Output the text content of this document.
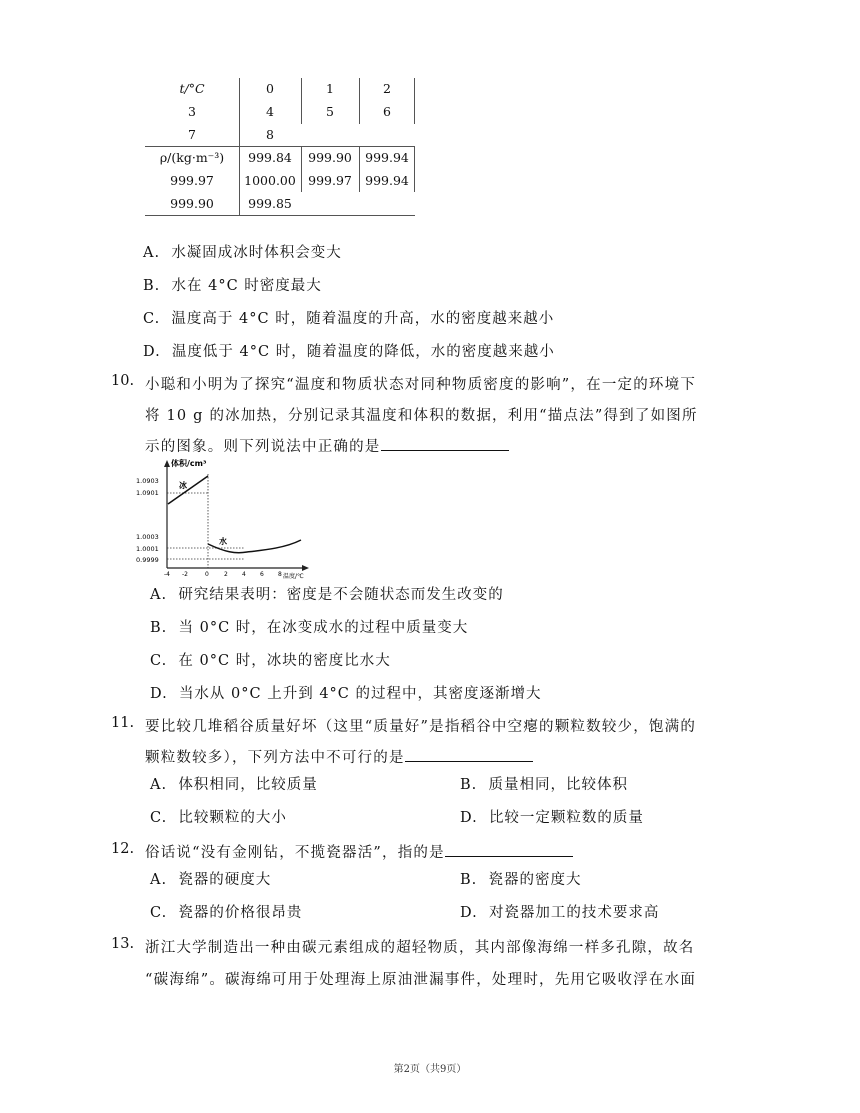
t/°C	0	1	2
3	4	5	6
7	8
ρ/(kg·m⁻³)	999.84	999.90	999.94
999.97	1000.00 999.97	999.94
999.90	999.85
A. 水凝固成冰时体积会变大
B. 水在 4°C 时密度最大
C. 温度高于 4°C 时，随着温度的升高，水的密度越来越小
D. 温度低于 4°C 时，随着温度的降低，水的密度越来越小
10. 小聪和小明为了探究“温度和物质状态对同种物质密度的影响”，在一定的环境下
将 10 g 的冰加热，分别记录其温度和体积的数据，利用“描点法”得到了如图所
示的图象。则下列说法中正确的是
体积/cm³
温度/℃
1.0903
1.0901
1.0003
1.0001
0.9999
-4 -2	0	2 4 6 8
冰
水
A. 研究结果表明：密度是不会随状态而发生改变的
B. 当 0°C 时，在冰变成水的过程中质量变大
C. 在 0°C 时，冰块的密度比水大
D. 当水从 0°C 上升到 4°C 的过程中，其密度逐渐增大
11. 要比较几堆稻谷质量好坏（这里“质量好”是指稻谷中空瘪的颗粒数较少，饱满的
颗粒数较多），下列方法中不可行的是
A. 体积相同，比较质量	B. 质量相同，比较体积
C. 比较颗粒的大小	D. 比较一定颗粒数的质量
12. 俗话说“没有金刚钻，不揽瓷器活”，指的是
A. 瓷器的硬度大	B. 瓷器的密度大
C. 瓷器的价格很昂贵	D. 对瓷器加工的技术要求高
13. 浙江大学制造出一种由碳元素组成的超轻物质，其内部像海绵一样多孔隙，故名
“碳海绵”。碳海绵可用于处理海上原油泄漏事件，处理时，先用它吸收浮在水面
第2页（共9页）
